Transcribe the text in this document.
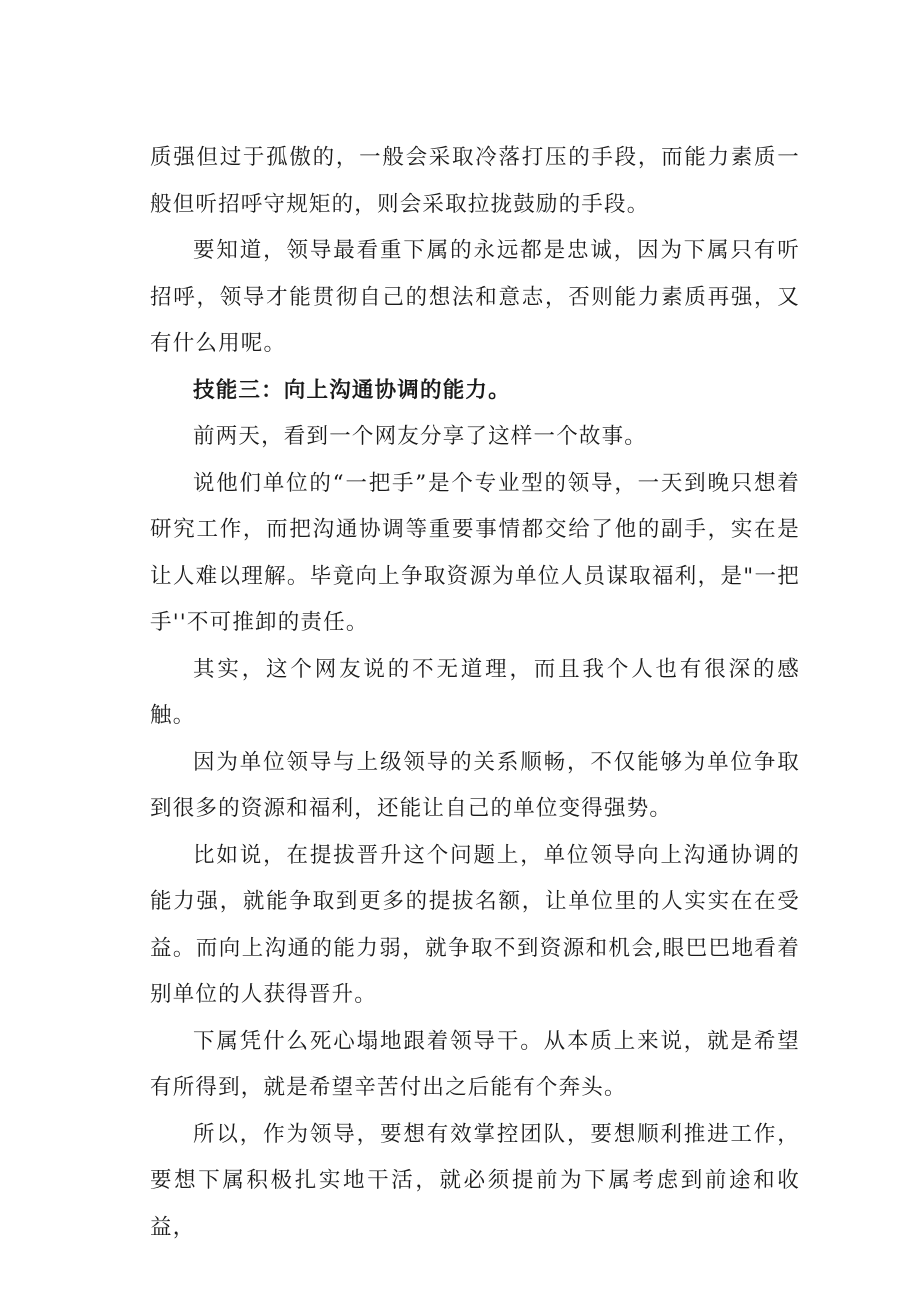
质强但过于孤傲的，一般会采取冷落打压的手段，而能力素质一般但听招呼守规矩的，则会采取拉拢鼓励的手段。

要知道，领导最看重下属的永远都是忠诚，因为下属只有听招呼，领导才能贯彻自己的想法和意志，否则能力素质再强，又有什么用呢。

技能三：向上沟通协调的能力。

前两天，看到一个网友分享了这样一个故事。

说他们单位的“一把手”是个专业型的领导，一天到晚只想着研究工作，而把沟通协调等重要事情都交给了他的副手，实在是让人难以理解。毕竟向上争取资源为单位人员谋取福利，是"一把手''不可推卸的责任。

其实，这个网友说的不无道理，而且我个人也有很深的感触。

因为单位领导与上级领导的关系顺畅，不仅能够为单位争取到很多的资源和福利，还能让自己的单位变得强势。

比如说，在提拔晋升这个问题上，单位领导向上沟通协调的能力强，就能争取到更多的提拔名额，让单位里的人实实在在受益。而向上沟通的能力弱，就争取不到资源和机会,眼巴巴地看着别单位的人获得晋升。

下属凭什么死心塌地跟着领导干。从本质上来说，就是希望有所得到，就是希望辛苦付出之后能有个奔头。

所以，作为领导，要想有效掌控团队，要想顺利推进工作，要想下属积极扎实地干活，就必须提前为下属考虑到前途和收益，
